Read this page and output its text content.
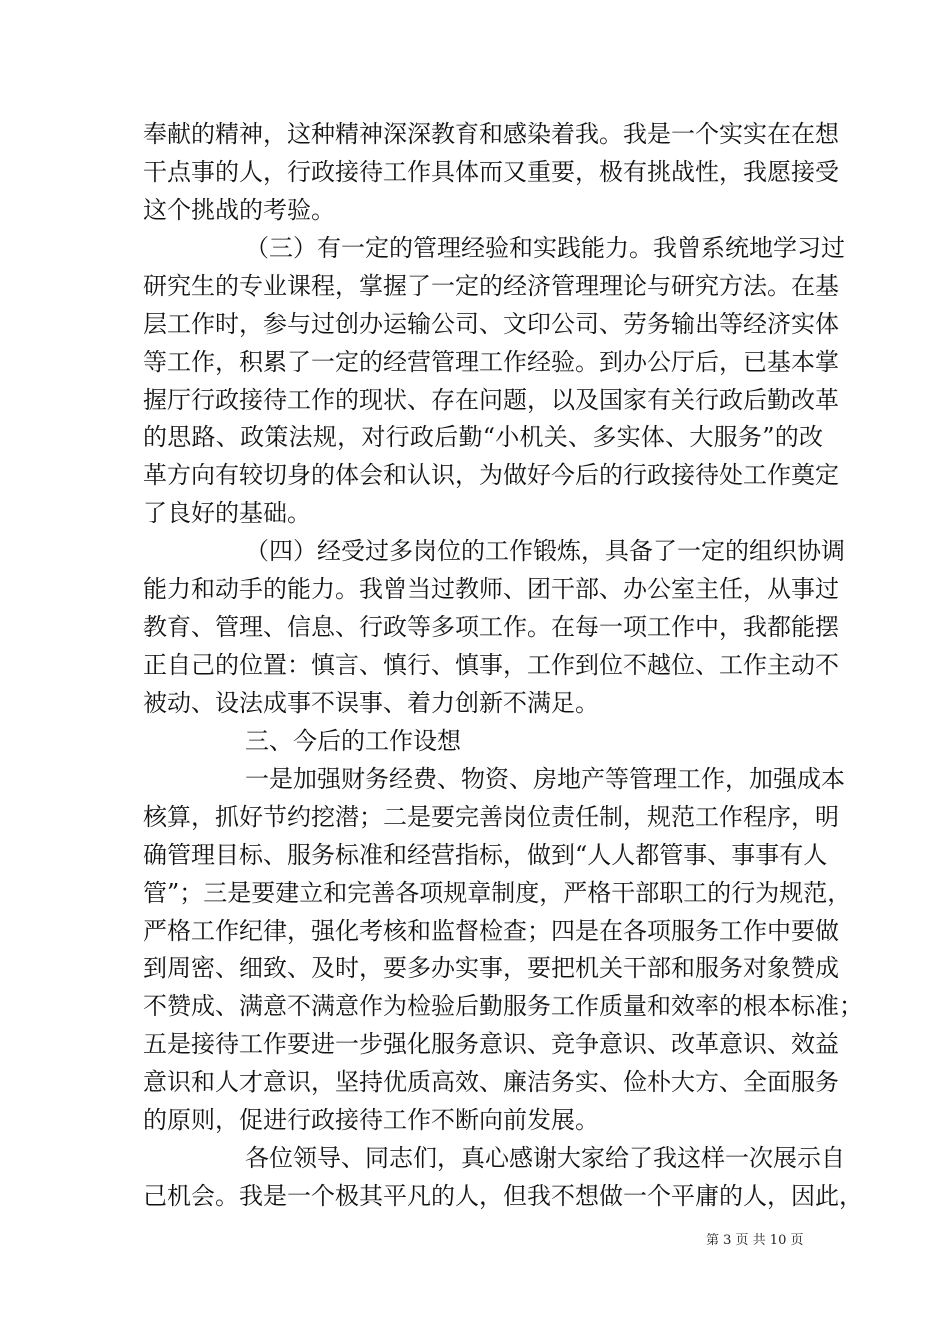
奉献的精神，这种精神深深教育和感染着我。我是一个实实在在想
干点事的人，行政接待工作具体而又重要，极有挑战性，我愿接受
这个挑战的考验。
（三）有一定的管理经验和实践能力。我曾系统地学习过
研究生的专业课程，掌握了一定的经济管理理论与研究方法。在基
层工作时，参与过创办运输公司、文印公司、劳务输出等经济实体
等工作，积累了一定的经营管理工作经验。到办公厅后，已基本掌
握厅行政接待工作的现状、存在问题，以及国家有关行政后勤改革
的思路、政策法规，对行政后勤“小机关、多实体、大服务”的改
革方向有较切身的体会和认识，为做好今后的行政接待处工作奠定
了良好的基础。
（四）经受过多岗位的工作锻炼，具备了一定的组织协调
能力和动手的能力。我曾当过教师、团干部、办公室主任，从事过
教育、管理、信息、行政等多项工作。在每一项工作中，我都能摆
正自己的位置：慎言、慎行、慎事，工作到位不越位、工作主动不
被动、设法成事不误事、着力创新不满足。
三、今后的工作设想
一是加强财务经费、物资、房地产等管理工作，加强成本
核算，抓好节约挖潜；二是要完善岗位责任制，规范工作程序，明
确管理目标、服务标准和经营指标，做到“人人都管事、事事有人
管”；三是要建立和完善各项规章制度，严格干部职工的行为规范，
严格工作纪律，强化考核和监督检查；四是在各项服务工作中要做
到周密、细致、及时，要多办实事，要把机关干部和服务对象赞成
不赞成、满意不满意作为检验后勤服务工作质量和效率的根本标准；
五是接待工作要进一步强化服务意识、竞争意识、改革意识、效益
意识和人才意识，坚持优质高效、廉洁务实、俭朴大方、全面服务
的原则，促进行政接待工作不断向前发展。
各位领导、同志们，真心感谢大家给了我这样一次展示自
己机会。我是一个极其平凡的人，但我不想做一个平庸的人，因此，
第 3 页 共 10 页
